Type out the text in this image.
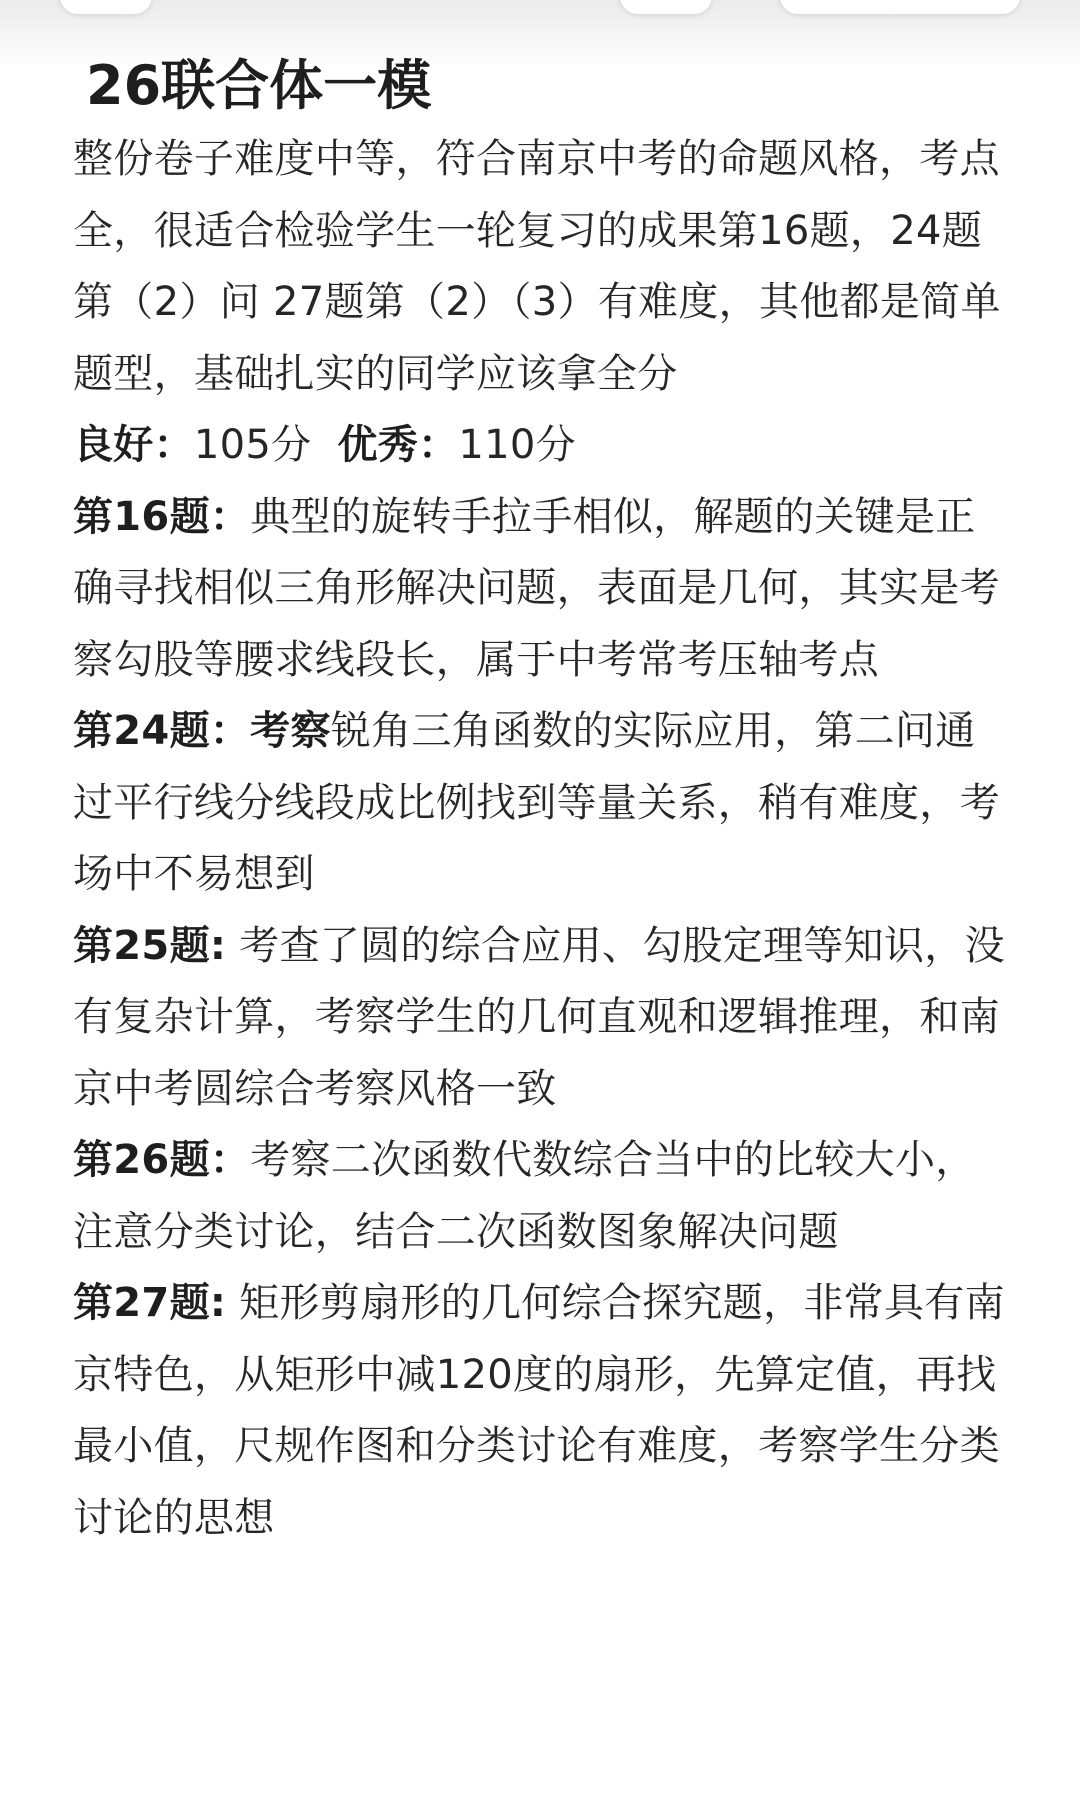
26联合体一模

整份卷子难度中等，符合南京中考的命题风格，考点全，很适合检验学生一轮复习的成果第16题，24题第（2）问 27题第（2）（3）有难度，其他都是简单题型，基础扎实的同学应该拿全分

良好：105分 优秀：110分

第16题：典型的旋转手拉手相似，解题的关键是正确寻找相似三角形解决问题，表面是几何，其实是考察勾股等腰求线段长，属于中考常考压轴考点

第24题：考察锐角三角函数的实际应用，第二问通过平行线分线段成比例找到等量关系，稍有难度，考场中不易想到

第25题: 考查了圆的综合应用、勾股定理等知识，没有复杂计算，考察学生的几何直观和逻辑推理，和南京中考圆综合考察风格一致

第26题：考察二次函数代数综合当中的比较大小，注意分类讨论，结合二次函数图象解决问题

第27题: 矩形剪扇形的几何综合探究题，非常具有南京特色，从矩形中减120度的扇形，先算定值，再找最小值，尺规作图和分类讨论有难度，考察学生分类讨论的思想
